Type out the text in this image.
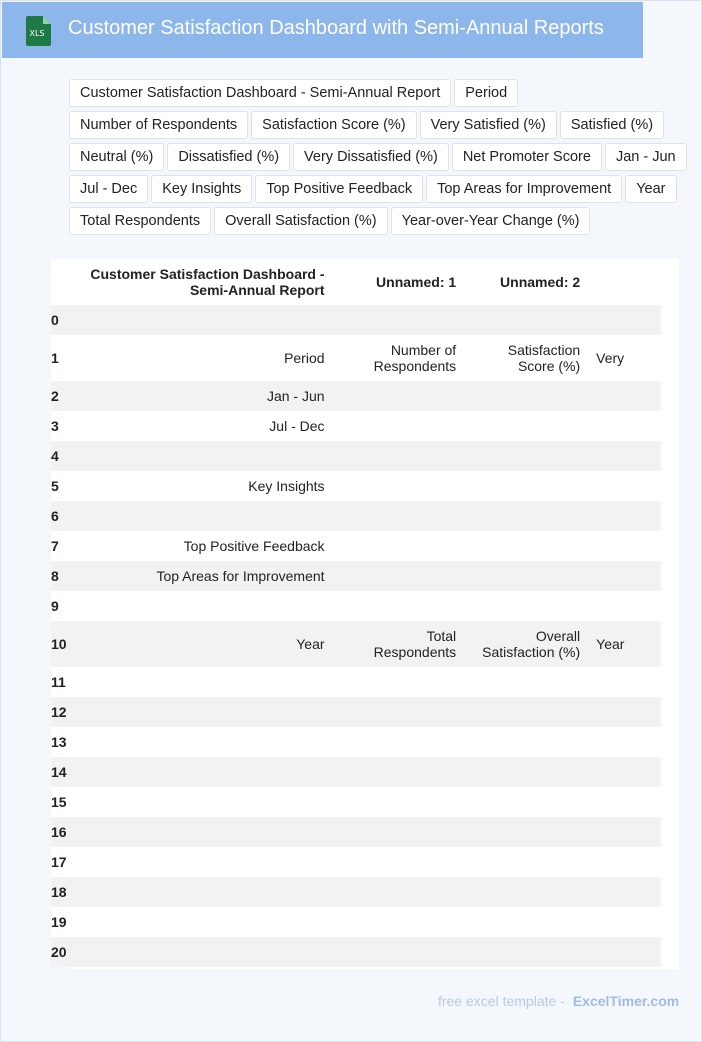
XLS Customer Satisfaction Dashboard with Semi-Annual Reports
Customer Satisfaction Dashboard - Semi-Annual Report	Period
Number of Respondents	Satisfaction Score (%)	Very Satisfied (%)	Satisfied (%)
Neutral (%)	Dissatisfied (%)	Very Dissatisfied (%)	Net Promoter Score	Jan - Jun
Jul - Dec	Key Insights	Top Positive Feedback	Top Areas for Improvement	Year
Total Respondents	Overall Satisfaction (%)	Year-over-Year Change (%)
	Customer Satisfaction Dashboard - Semi-Annual Report	Unnamed: 1	Unnamed: 2	
0				

1	Period	Number of Respondents	Satisfaction Score (%)	Very

2	Jan - Jun			

3	Jul - Dec			

4				

5	Key Insights			

6				

7	Top Positive Feedback			

8	Top Areas for Improvement			

9				

10	Year	Total Respondents	Overall Satisfaction (%)	Year

11				

12				

13				

14				

15				

16				

17				

18				

19				

20				
free excel template - ExcelTimer.com
